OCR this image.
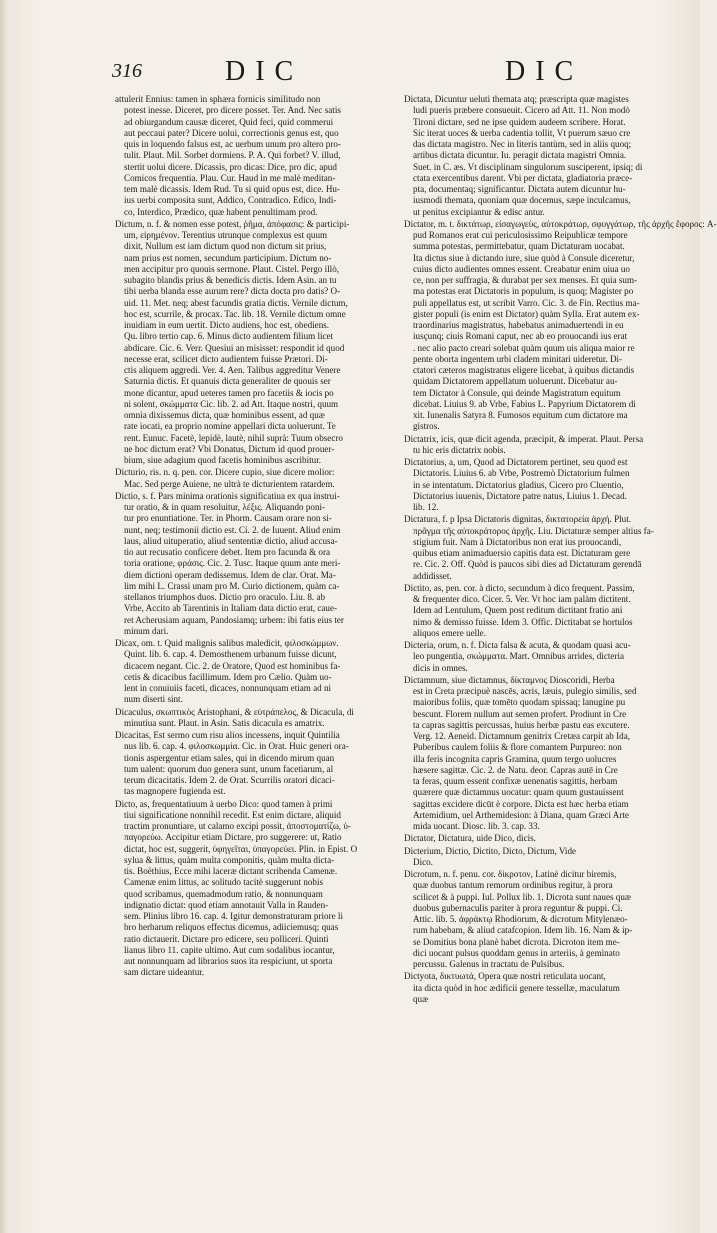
316	DIC	DIC
attulerit Ennius: tamen in sphæra fornicis similitudo non
potest inesse. Diceret, pro dicere posset. Ter. And. Nec satis
ad obiurgandum causæ diceret, Quid feci, quid commerui
aut peccaui pater? Dicere uolui, correctionis genus est, quo
quis in loquendo falsus est, ac uerbum unum pro altero pro-
tulit. Plaut. Mil. Sorbet dormiens. P. A. Qui forbet? V. illud,
stertit uolui dicere. Dicassis, pro dicas: Dice, pro dic, apud
Comicos frequentia. Plau. Cur. Haud in me malè meditan-
tem malè dicassis. Idem Rud. Tu si quid opus est, dice. Hu-
ius uerbi composita sunt, Addico, Contradico. Edico, Indi-
co, Interdico, Prædico, quæ habent penultimam prod.
Dictum, n. f. & nomen esse potest, ῥῆμα, ἀπόφασις: & participi-
um, εἰρημένον. Terentius utrunque complexus est quum
dixit, Nullum est iam dictum quod non dictum sit prius,
nam prius est nomen, secundum participium. Dictum no-
men accipitur pro quouis sermone. Plaut. Cistel. Pergo illò,
subagito blandis prius & benedicis dictis. Idem Asin. an tu
tibi uerba blanda esse aurum rere? dicta docta pro datis? O-
uid. 11. Met. neq; abest facundis gratia dictis. Vernile dictum,
hoc est, scurrile, & procax. Tac. lib. 18. Vernile dictum omne
inuidiam in eum uertit. Dicto audiens, hoc est, obediens.
Qu. libro tertio cap. 6. Minus dicto audientem filium licet
abdicare. Cic. 6. Verr. Quesiui an misisset: respondit id quod
necesse erat, scilicet dicto audientem fuisse Prætori. Di-
ctis aliquem aggredi. Ver. 4. Aen. Talibus aggreditur Venere
Saturnia dictis. Et quanuis dicta generaliter de quouis ser
mone dicantur, apud ueteres tamen pro facetiis & iocis po
ni solent, σκώμματα Cic. lib. 2. ad Att. Itaque nostri, quum
omnia dixissemus dicta, quæ hominibus essent, ad quæ
rate iocati, ea proprio nomine appellari dicta uoluerunt. Te
rent. Eunuc. Facetè, lepidè, lautè, nihil suprà: Tuum obsecro
ne hoc dictum erat? Vbi Donatus, Dictum id quod prouer-
bium, siue adagium quod facetis hominibus ascribitur.
Dicturio, ris. n. q. pen. cor. Dicere cupio, siue dicere molior:
Mac. Sed perge Auiene, ne ultrà te dicturientem ratardem.
Dictio, s. f. Pars minima orationis significatiua ex qua instrui-
tur oratio, & in quam resoluitur, λέξις. Aliquando poni-
tur pro enuntiatione. Ter. in Phorm. Causam orare non si-
nunt, neq; testimonii dictio est. Ci. 2. de Iuuent. Aliud enim
laus, aliud uituperatio, aliud sententiæ dictio, aliud accusa-
tio aut recusatio conficere debet. Item pro facunda & ora
toria oratione, φράσις. Cic. 2. Tusc. Itaque quum ante meri-
diem dictioni operam dedissemus. Idem de clar. Orat. Ma-
lim mihi L. Crassi unam pro M. Curio dictionem, quàm ca-
stellanos triumphos duos. Dictio pro oraculo. Liu. 8. ab
Vrbe, Accito ab Tarentinis in Italiam data dictio erat, caue-
ret Acherusiam aquam, Pandosiamq; urbem: ibi fatis eius ter
minum dari.
Dicax, om. t. Quid malignis salibus maledicit, φιλοσκώμμων.
Quint. lib. 6. cap. 4. Demosthenem urbanum fuisse dicunt,
dicacem negant. Cic. 2. de Oratore, Quod est hominibus fa-
cetis & dicacibus facillimum. Idem pro Cælio. Quàm uo-
lent in conuiuiis faceti, dicaces, nonnunquam etiam ad ni
num diserti sint.
Dicaculus, σκωπτικὸς Aristophani, & εὐτράπελος, & Dicacula, di
minutiua sunt. Plaut. in Asin. Satis dicacula es amatrix.
Dicacitas, Est sermo cum risu alios incessens, inquit Quintilia
nus lib. 6. cap. 4. φιλοσκωμμία. Cic. in Orat. Huic generi ora-
tionis aspergentur etiam sales, qui in dicendo mirum quan
tum ualent: quorum duo genera sunt, unum facetiarum, al
terum dicacitatis. Idem 2. de Orat. Scurrilis oratori dicaci-
tas magnopere fugienda est.
Dicto, as, frequentatiuum à uerbo Dico: quod tamen à primi
tiui significatione nonnihil recedit. Est enim dictare, aliquid
tractim pronuntiare, ut calamo excipi possit, ἀποστοματίζω, ὑ-
παγορεύω. Accipitur etiam Dictare, pro suggerere: ut, Ratio
dictat, hoc est, suggerit, ὑφηγεῖται, ὑπαγορεύει. Plin. in Epist. O
sylua & littus, quàm multa componitis, quàm multa dicta-
tis. Boëthius, Ecce mihi laceræ dictant scribenda Camenæ.
Camenæ enim littus, ac solitudo tacitè suggerunt nobis
quod scribamus, quemadmodum ratio, & nonnunquam
indignatio dictat: quod etiam annotauit Valla in Rauden-
sem. Plinius libro 16. cap. 4. Igitur demonstraturam priore li
bro herbarum reliquos effectus dicemus, adiiciemusq; quas
ratio dictauerit. Dictare pro edicere, seu polliceri. Quinti
lianus libro 11. capite ultimo. Aut cum sodalibus iocantur,
aut nonnunquam ad librarios suos ita respiciunt, ut sporta
sam dictare uideantur.
Dictata, Dicuntur ueluti themata atq; præscripta quæ magistes
ludi pueris præbere consueuit. Cicero ad Att. 11. Non modò
Tironi dictare, sed ne ipse quidem audeem scribere. Horat.
Sic iterat uoces & uerba cadentia tollit, Vt puerum sæuo cre
das dictata magistro. Nec in literis tantùm, sed in aliis quoq;
artibus dictata dicuntur. Iu. peragit dictata magistri Omnia.
Suet. in C. æs. Vt disciplinam singulorum susciperent, ipsiq; di
ctata exercentibus darent. Vbi per dictata, gladiatoria præce-
pta, documentaq; significantur. Dictata autem dicuntur hu-
iusmodi themata, quoniam quæ docemus, sæpe inculcamus,
ut penitus excipiantur & edisc antur.
Dictator, m. t. δικτάτωρ, εἰσαγωγεὺς, αὐτοκράτωρ, σφυγγάτωρ, τῆς ἀρχῆς ἔφορος: A-
pud Romanos erat cui periculosissimo Reipublicæ tempore
summa potestas, permittebatur, quam Dictaturam uocabat.
Ita dictus siue à dictando iure, siue quòd à Consule diceretur,
cuius dicto audientes omnes essent. Creabatur enim uiua uo
ce, non per suffragia, & durabat per sex menses. Et quia sum-
ma potestas erat Dictatoris in populum, is quoq; Magister po
puli appellatus est, ut scribit Varro. Cic. 3. de Fin. Rectius ma-
gister populi (is enim est Dictator) quàm Sylla. Erat autem ex-
traordinarius magistratus, habebatus animaduertendi in eu
iusçunq; ciuis Romani caput, nec ab eo prouocandi ius erat
. nec alio pacto creari solebat quàm quum uis aliqua maior re
pente oborta ingentem urbi cladem minitari uideretur. Di-
ctatori cæteros magistratus eligere licebat, à quibus dictandis
quidam Dictatorem appellatum uoluerunt. Dicebatur au-
tem Dictator à Consule, qui deinde Magistratum equitum
dicebat. Liuius 9. ab Vrbe, Fabius L. Papyrium Dictatorem di
xit. Iunenalis Satyra 8. Fumosos equitum cum dictatore ma
gistros.
Dictatrix, icis, quæ dicit agenda, præcipit, & imperat. Plaut. Persa
tu hic eris dictatrix nobis.
Dictatorius, a, um, Quod ad Dictatorem pertinet, seu quod est
Dictatoris. Liuius 6. ab Vrbe, Postremò Dictatorium fulmen
in se intentatum. Dictatorius gladius, Cicero pro Cluentio,
Dictatorius iuuenis, Dictatore patre natus, Liuius 1. Decad.
lib. 12.
Dictatura, f. p Ipsa Dictatoris dignitas, δικτατορεία ἀρχή. Plut.
πρᾶγμα τῆς αὐτοκράτορος ἀρχῆς. Liu. Dictaturæ semper altius fa-
stigium fuit. Nam à Dictatoribus non erat ius prouocandi,
quibus etiam animaduersio capitis data est. Dictaturam gere
re. Cic. 2. Off. Quòd is paucos sibi dies ad Dictaturam gerendā
addidisset.
Dictito, as, pen. cor. à dicto, secundum à dico frequent. Passim,
& frequenter dico. Cicer. 5. Ver. Vt hoc iam palàm dictitent.
Idem ad Lentulum, Quem post reditum dictitant fratio ani
nimo & demisso fuisse. Idem 3. Offic. Dictitabat se hortulos
aliquos emere uelle.
Dicteria, orum, n. f. Dicta falsa & acuta, & quodam quasi acu-
leo pungentia, σκώμματα. Mart. Omnibus arrides, dicteria
dicis in omnes.
Dictamnum, siue dictamnus, δίκταμνος Dioscoridi, Herba
est in Creta præcipuè nascēs, acris, læuis, pulegio similis, sed
maioribus foliis, quæ tomēto quodam spissaq; lanugine pu
bescunt. Florem nullum aut semen profert. Prodiunt in Cre
ta capras sagittis percussas, huius herbæ pastu eas excutere.
Verg. 12. Aeneid. Dictamnum genitrix Cretæa carpit ab Ida,
Puberibus caulem foliis & flore comantem Purpureo: non
illa feris incognita capris Gramina, quum tergo uolucres
hæsere sagittæ. Cic. 2. de Natu. deor. Capras autē in Cre
ta feras, quum essent confixæ uenenatis sagittis, herbam
quærere quæ dictamnus uocatur: quam quum gustauissent
sagittas excidere dicūt è corpore. Dicta est hæc herba etiam
Artemidium, uel Arthemidesion: à Diana, quam Græci Arte
mida uocant. Diosc. lib. 3. cap. 33.
Dictator, Dictatura, uide Dico, dicis.
Dicterium, Dictio, Dictito, Dicto, Dictum, Vide
Dico.
Dicrotum, n. f. penu. cor. δίκροτον, Latinè dicitur biremis,
quæ duobus tantum remorum ordinibus regitur, à prora
scilicet & à puppi. Iul. Pollux lib. 1. Dicrota sunt naues quæ
duobus gubernaculis pariter à prora reguntur & puppi. Ci.
Attic. lib. 5. ἀφράκτῳ Rhodiorum, & dicrotum Mitylenæo-
rum habebam, & aliud catafcopion. Idem lib. 16. Nam & ip-
se Domitius bona planè habet dicrota. Dicroton item me-
dici uocant pulsus quoddam genus in arteriis, à geminato
percussu. Galenus in tractatu de Pulsibus.
Dictyota, δικτυωτά, Opera quæ nostri reticulata uocant,
ita dicta quòd in hoc ædificii genere tessellæ, maculatum
quæ
